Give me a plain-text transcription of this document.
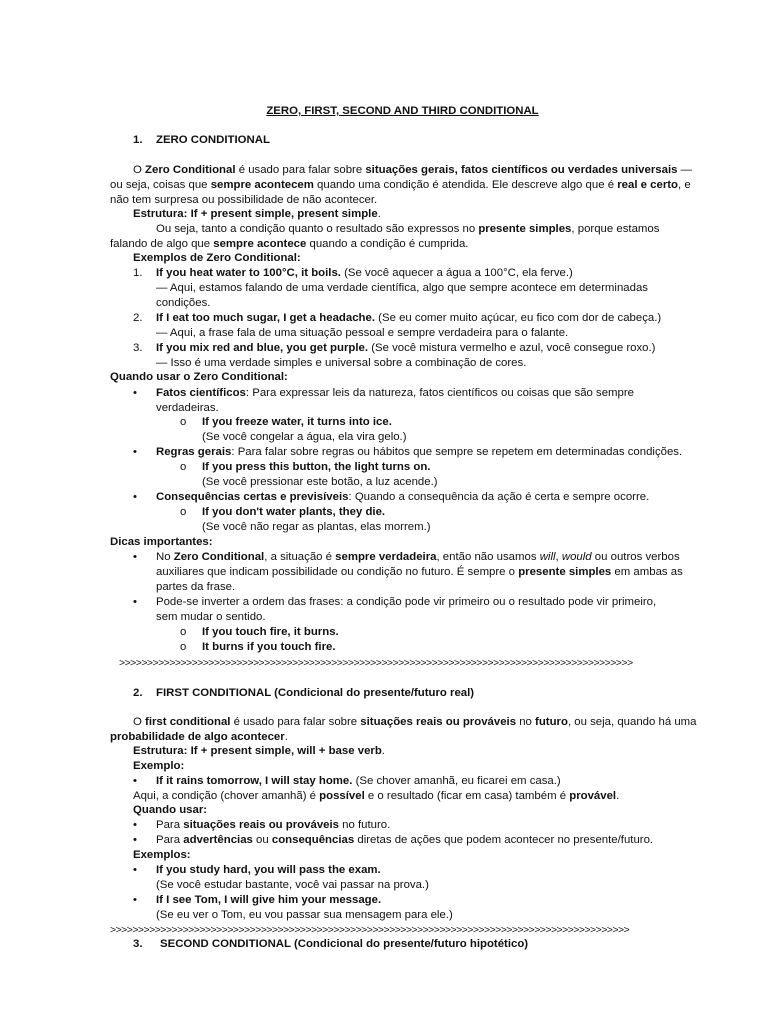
ZERO, FIRST, SECOND AND THIRD CONDITIONAL
1. ZERO CONDITIONAL
O Zero Conditional é usado para falar sobre situações gerais, fatos científicos ou verdades universais —
ou seja, coisas que sempre acontecem quando uma condição é atendida. Ele descreve algo que é real e certo, e
não tem surpresa ou possibilidade de não acontecer.
Estrutura: If + present simple, present simple.
Ou seja, tanto a condição quanto o resultado são expressos no presente simples, porque estamos
falando de algo que sempre acontece quando a condição é cumprida.
Exemplos de Zero Conditional:
1. If you heat water to 100°C, it boils. (Se você aquecer a água a 100°C, ela ferve.)
— Aqui, estamos falando de uma verdade científica, algo que sempre acontece em determinadas
condições.
2. If I eat too much sugar, I get a headache. (Se eu comer muito açúcar, eu fico com dor de cabeça.)
— Aqui, a frase fala de uma situação pessoal e sempre verdadeira para o falante.
3. If you mix red and blue, you get purple. (Se você mistura vermelho e azul, você consegue roxo.)
— Isso é uma verdade simples e universal sobre a combinação de cores.
Quando usar o Zero Conditional:
• Fatos científicos: Para expressar leis da natureza, fatos científicos ou coisas que são sempre
verdadeiras.
o If you freeze water, it turns into ice.
(Se você congelar a água, ela vira gelo.)
• Regras gerais: Para falar sobre regras ou hábitos que sempre se repetem em determinadas condições.
o If you press this button, the light turns on.
(Se você pressionar este botão, a luz acende.)
• Consequências certas e previsíveis: Quando a consequência da ação é certa e sempre ocorre.
o If you don't water plants, they die.
(Se você não regar as plantas, elas morrem.)
Dicas importantes:
• No Zero Conditional, a situação é sempre verdadeira, então não usamos will, would ou outros verbos
auxiliares que indicam possibilidade ou condição no futuro. É sempre o presente simples em ambas as
partes da frase.
• Pode-se inverter a ordem das frases: a condição pode vir primeiro ou o resultado pode vir primeiro,
sem mudar o sentido.
o If you touch fire, it burns.
o It burns if you touch fire.
>>>>>>>>>>>>>>>>>>>>>>>>>>>>>>>>>>>>>>>>>>>>>>>>>>>>>>>>>>>>>>>>>>>>>>>>>>>>>>>>>>>>>>>>>>>>
2. FIRST CONDITIONAL (Condicional do presente/futuro real)
O first conditional é usado para falar sobre situações reais ou prováveis no futuro, ou seja, quando há uma
probabilidade de algo acontecer.
Estrutura: If + present simple, will + base verb.
Exemplo:
• If it rains tomorrow, I will stay home. (Se chover amanhã, eu ficarei em casa.)
Aqui, a condição (chover amanhã) é possível e o resultado (ficar em casa) também é provável.
Quando usar:
• Para situações reais ou prováveis no futuro.
• Para advertências ou consequências diretas de ações que podem acontecer no presente/futuro.
Exemplos:
• If you study hard, you will pass the exam.
(Se você estudar bastante, você vai passar na prova.)
• If I see Tom, I will give him your message.
(Se eu ver o Tom, eu vou passar sua mensagem para ele.)
>>>>>>>>>>>>>>>>>>>>>>>>>>>>>>>>>>>>>>>>>>>>>>>>>>>>>>>>>>>>>>>>>>>>>>>>>>>>>>>>>>>>>>>>>>>>>
3. SECOND CONDITIONAL (Condicional do presente/futuro hipotético)
